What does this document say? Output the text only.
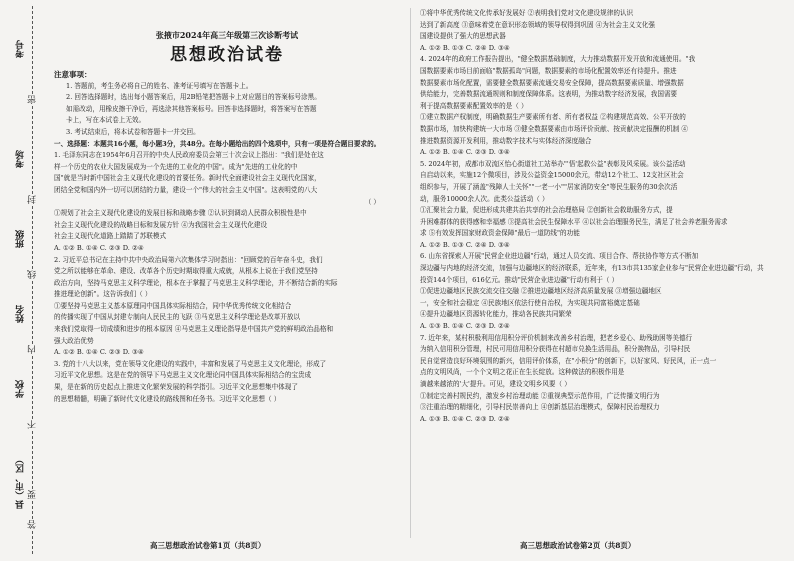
考号
考场
班级
姓名
学校
县（市、区）
密
封
线
内
不
要
答
张掖市2024年高三年级第三次诊断考试
思想政治试卷
注意事项：

1. 答题前，考生务必将自己的姓名、准考证号填写在答题卡上。

2. 回答选择题时，选出每小题答案后，用2B铅笔把答题卡上对应题目的答案标号涂黑。

如需改动，用橡皮擦干净后，再选涂其他答案标号。回答非选择题时，将答案写在答题

卡上，写在本试卷上无效。

3. 考试结束后，将本试卷和答题卡一并交回。

一、选择题：本题共16小题，每小题3分，共48分。在每小题给出的四个选项中，只有一项是符合题目要求的。

1. 毛泽东同志在1954年6月召开的中央人民政府委员会第三十次会议上指出："我们是处在这

样一个历史的农业大国发展成为一个先进的工业化的中国"。成为"先进的工业化的中

国"就是当时新中国社会主义现代化建设的首要任务。新时代全面建设社会主义现代化国家，

团结全党和国内外一切可以团结的力量，建设一个"伟大的社会主义中国"。这表明党的八大

（ ）

①规划了社会主义现代化建设的发展目标和战略步骤 ②认识到调动人民群众积极性是中

社会主义现代化建设的战略目标和发展方针 ④为我国社会主义现代化建设

社会主义现代化道路上踏踏了苏联模式

A. ①② B. ①④ C. ②③ D. ②④

2. 习近平总书记在主持中共中央政治局第六次集体学习时指出："回顾党的百年奋斗史，我们

党之所以能够在革命、建设、改革各个历史时期取得重大成就，从根本上说在于我们党坚持

政治方向，坚持马克思主义科学理论，根本在于掌握了马克思主义科学理论，并不断结合新的实际

推进理论创新"。这告诉我们（ ）

①要坚持马克思主义基本原理同中国具体实际相结合，同中华优秀传统文化相结合

的传播实现了中国从封建专制向人民民主的飞跃 ③马克思主义科学理论是改革开放以

来我们党取得一切成绩和进步的根本原因 ④马克思主义理论指导是中国共产党的鲜明政治品格和

强大政治优势

A. ①② B. ①④ C. ②③ D. ③④

3. 党的十八大以来，党在领导文化建设的实践中，丰富和发展了马克思主义文化理论，形成了

习近平文化思想。这是在党的领导下马克思主义文化理论同中国具体实际相结合的宝贵成

果，是在新的历史起点上推进文化繁荣发展的科学指引。习近平文化思想集中体现了

的思想精髓，明确了新时代文化建设的路线图和任务书。习近平文化思想（ ）

①将中华优秀传统文化传承好发展好 ②表明我们党对文化建设规律的认识

达到了新高度 ③意味着党在意识形态领域的领导权得到巩固 ④为社会主义文化强

国建设提供了强大的思想武器

A. ①② B. ①③ C. ②④ D. ③④

4. 2024年的政府工作报告提出，"健全数据基础制度，大力推动数据开发开放和流通使用。"我

国数据要素市场目前面临"数据孤岛"问题，数据要素的市场化配置效率还有待提升。推进

数据要素市场化配置，需要健全数据要素流通交易安全保障，提高数据要素质量、增强数据

供给能力，完善数据流通规则和制度保障体系。这表明，为推动数字经济发展，我国需要

利于提高数据要素配置效率的是（ ）

①建立数据产权制度，明确数据生产要素所有者、所有者权益 ②构建规范高效、公平开放的

数据市场，加快构建统一大市场 ③健全数据要素由市场评价贡献、按贡献决定报酬的机制 ④

推进数据资源开发利用，推动数字技术与实体经济深度融合

A. ①② B. ①④ C. ②③ D. ③④

5. 2024年初，成都市双流区怡心街道社工站举办"'悟'起救公益"表彰及风采展。该公益活动

自启动以来，实施12个微项目，涉及公益资金15000余元，带动12个社工、12支社区社会

组织参与，开展了涵盖"残障人士关怀""一老一小""居家消防安全"等民生服务的30余次活

动，服务10000余人次。此类公益活动（ ）

①汇聚社会力量，促进形成共建共治共享的社会治理格局 ②创新社会救助服务方式，提

升困难群体的获得感和幸福感 ③提高社会民生保障水平 ④以社会治理服务民生，满足了社会养老服务需求

求 ⑤有效发挥国家财政资金保障"最后一道防线"的功能

A. ①② B. ①③ C. ②④ D. ③④

6. 山东省探索人开展"民营企业进边疆"行动，通过人员交流、项目合作、帮扶协作等方式不断加

深边疆与内地的经济交流，加强与边疆地区的经济联系，近年来，有13市共135家企业参与"民营企业进边疆"行动，共

投资144个项目，616亿元。推动"民营企业进边疆"行动有利于（ ）

①促进边疆地区民族交流交往交融 ②推进边疆地区经济高质量发展 ③增强边疆地区

一，安全和社会稳定 ④民族地区依法行使自治权，为实现共同富裕奠定基础

④提升边疆地区资源转化能力，推动各民族共同繁荣

A. ①③ B. ①④ C. ②③ D. ②④

7. 近年来，某村积极利用信用积分评价机制来改善乡村治理，把老乡爱心、助残助困等美德行

为纳入信用积分管理，村民可用信用积分获得在村超市兑换生活用品，积分换物品，引导村民

民自觉营造良好环境氛围的新兴，信用评价体系，在"小积分"的创新下，以好家风、好民风，正一点一

点的文明风尚，一个个文明之花正在生长绽放。这种做法的积极作用是

滴越来越浓的'大'提升。可见，建设文明乡风要（ ）

①制定完善村规民约，激发乡村治理动能 ②重视典型示范作用，广泛传播文明行为

③注重治理的精细化，引导村民崇善向上 ④创新基层治理模式，保障村民治理权力

A. ①③ B. ①④ C. ②③ D. ②④

高三思想政治试卷第1页（共8页）	高三思想政治试卷第2页（共8页）
